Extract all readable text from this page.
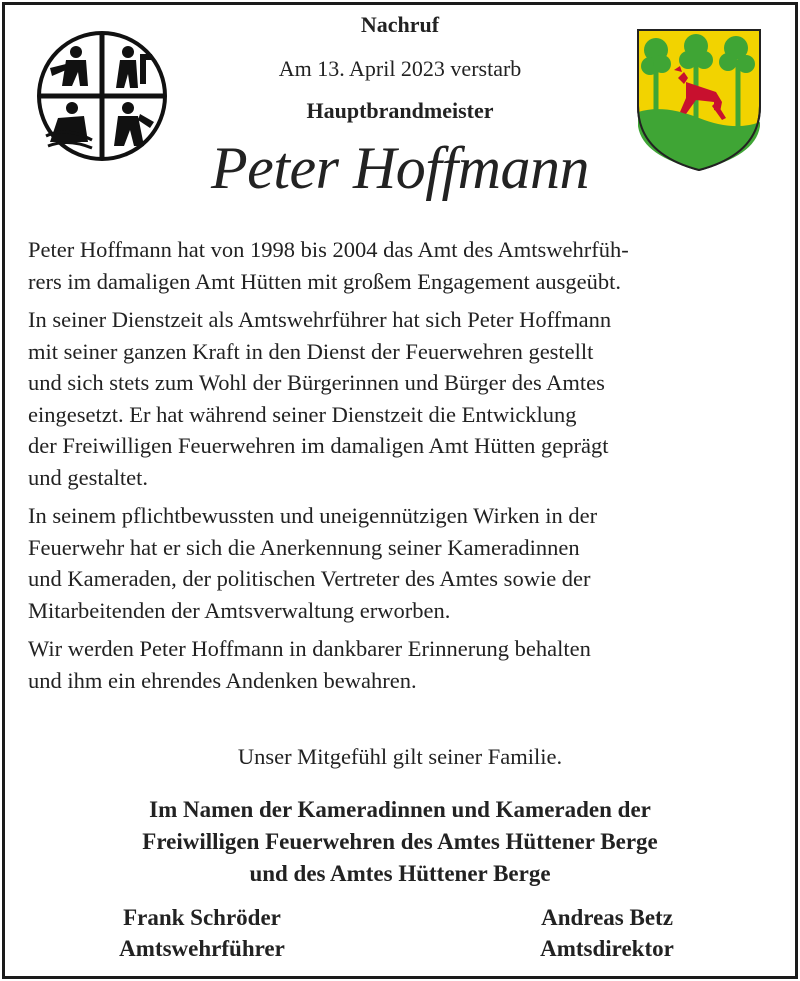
Nachruf
Am 13. April 2023 verstarb
Hauptbrandmeister
Peter Hoffmann
Peter Hoffmann hat von 1998 bis 2004 das Amt des Amtswehrfüh-
rers im damaligen Amt Hütten mit großem Engagement ausgeübt.
In seiner Dienstzeit als Amtswehrführer hat sich Peter Hoffmann
mit seiner ganzen Kraft in den Dienst der Feuerwehren gestellt
und sich stets zum Wohl der Bürgerinnen und Bürger des Amtes
eingesetzt. Er hat während seiner Dienstzeit die Entwicklung
der Freiwilligen Feuerwehren im damaligen Amt Hütten geprägt
und gestaltet.
In seinem pflichtbewussten und uneigennützigen Wirken in der
Feuerwehr hat er sich die Anerkennung seiner Kameradinnen
und Kameraden, der politischen Vertreter des Amtes sowie der
Mitarbeitenden der Amtsverwaltung erworben.
Wir werden Peter Hoffmann in dankbarer Erinnerung behalten
und ihm ein ehrendes Andenken bewahren.
Unser Mitgefühl gilt seiner Familie.
Im Namen der Kameradinnen und Kameraden der
Freiwilligen Feuerwehren des Amtes Hüttener Berge
und des Amtes Hüttener Berge
Frank Schröder
Amtswehrführer
Andreas Betz
Amtsdirektor
